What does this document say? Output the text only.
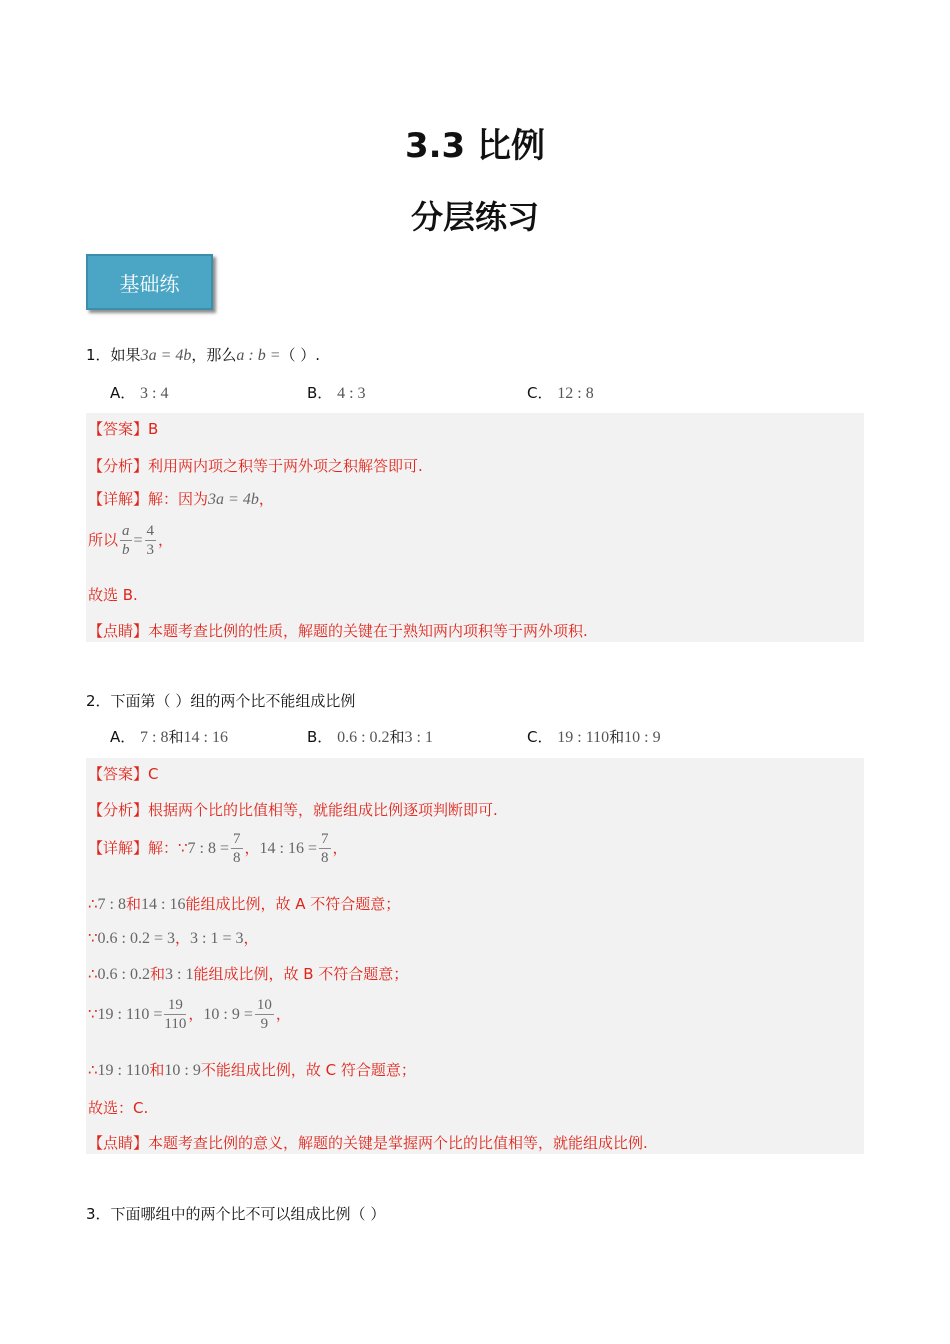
3.3 比例
分层练习
基础练
1．如果3a = 4b，那么a : b =（ ）.
A． 3 : 4	B． 4 : 3	C． 12 : 8
【答案】B
【分析】利用两内项之积等于两外项之积解答即可.
【详解】解：因为3a = 4b，
所以 $\frac{a}{b} = \frac{4}{3}$ ，
故选 B.
【点睛】本题考查比例的性质，解题的关键在于熟知两内项积等于两外项积.
2．下面第（ ）组的两个比不能组成比例
A． 7 : 8和14 : 16	B． 0.6 : 0.2和3 : 1	C． 19 : 110和10 : 9
【答案】C
【分析】根据两个比的比值相等，就能组成比例逐项判断即可.
【详解】解：∵7 : $8 = \frac{7}{8}$ ，14 : $16 = \frac{7}{8}$ ，
∴7 : 8和14 : 16能组成比例，故 A 不符合题意；
∵0.6 : 0.2 = 3，3 : 1 = 3，
∴0.6 : 0.2和3 : 1能组成比例，故 B 不符合题意；
∵19 : $110 = \frac{19}{110}$ ，10 : $9 = \frac{10}{9}$ ，
∴19 : 110和10 : 9不能组成比例，故 C 符合题意；
故选：C.
【点睛】本题考查比例的意义，解题的关键是掌握两个比的比值相等，就能组成比例.
3．下面哪组中的两个比不可以组成比例（ ）
